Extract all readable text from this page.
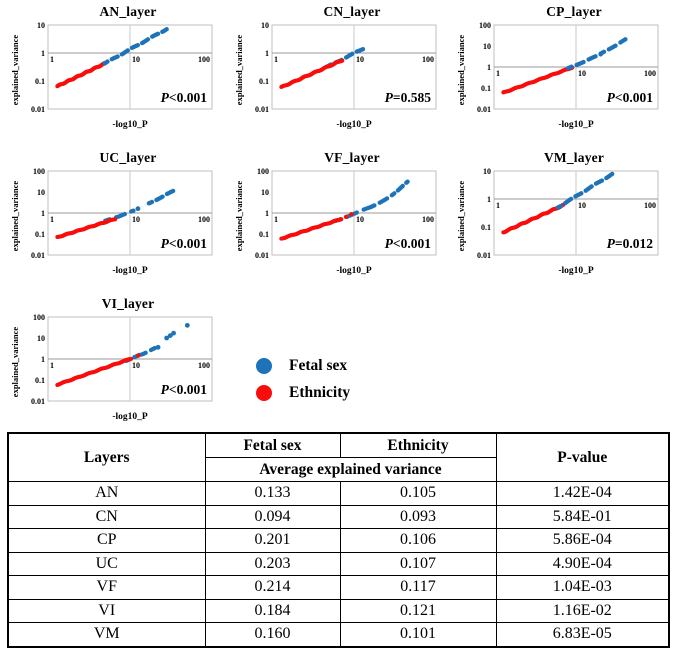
AN_layer
explained_variance
10
1
0.1
0.01
1	10	100
P<0.001
-log10_P
CN_layer
explained_variance
10
1
0.1
0.01
1	10	100
P=0.585
-log10_P
CP_layer
explained_variance
100
10
1
0.1
0.01
1	10	100
P<0.001
-log10_P
UC_layer
explained_variance
100
10
1
0.1
0.01
1	10	100
P<0.001
-log10_P
VF_layer
explained_variance
100
10
1
0.1
0.01
1	10	100
P<0.001
-log10_P
VM_layer
explained_variance
10
1
0.1
0.01
1	10	100
P=0.012
-log10_P
VI_layer
explained_variance
100
10
1
0.1
0.01
1	10	100
P<0.001
-log10_P
Fetal sex
Ethnicity
Layers	Fetal sex	Ethnicity	P-value
	Average explained variance		
AN	0.133	0.105	1.42E-04
CN	0.094	0.093	5.84E-01
CP	0.201	0.106	5.86E-04
UC	0.203	0.107	4.90E-04
VF	0.214	0.117	1.04E-03
VI	0.184	0.121	1.16E-02
VM	0.160	0.101	6.83E-05
